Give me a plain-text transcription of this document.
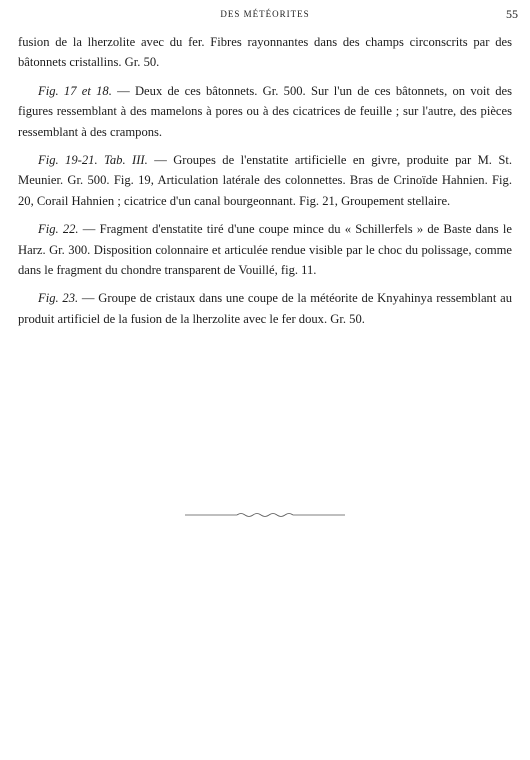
DES MÉTÉORITES	55

fusion de la lherzolite avec du fer. Fibres rayonnantes dans des champs circonscrits par des bâtonnets cristallins. Gr. 50.

Fig. 17 et 18. — Deux de ces bâtonnets. Gr. 500. Sur l'un de ces bâtonnets, on voit des figures ressemblant à des mamelons à pores ou à des cicatrices de feuille ; sur l'autre, des pièces ressemblant à des crampons.

Fig. 19-21. Tab. III. — Groupes de l'enstatite artificielle en givre, produite par M. St. Meunier. Gr. 500. Fig. 19, Articulation latérale des colonnettes. Bras de Crinoïde Hahnien. Fig. 20, Corail Hahnien ; cicatrice d'un canal bourgeonnant. Fig. 21, Groupement stellaire.

Fig. 22. — Fragment d'enstatite tiré d'une coupe mince du « Schillerfels » de Baste dans le Harz. Gr. 300. Disposition colonnaire et articulée rendue visible par le choc du polissage, comme dans le fragment du chondre transparent de Vouillé, fig. 11.

Fig. 23. — Groupe de cristaux dans une coupe de la météorite de Knyahinya ressemblant au produit artificiel de la fusion de la lherzolite avec le fer doux. Gr. 50.
